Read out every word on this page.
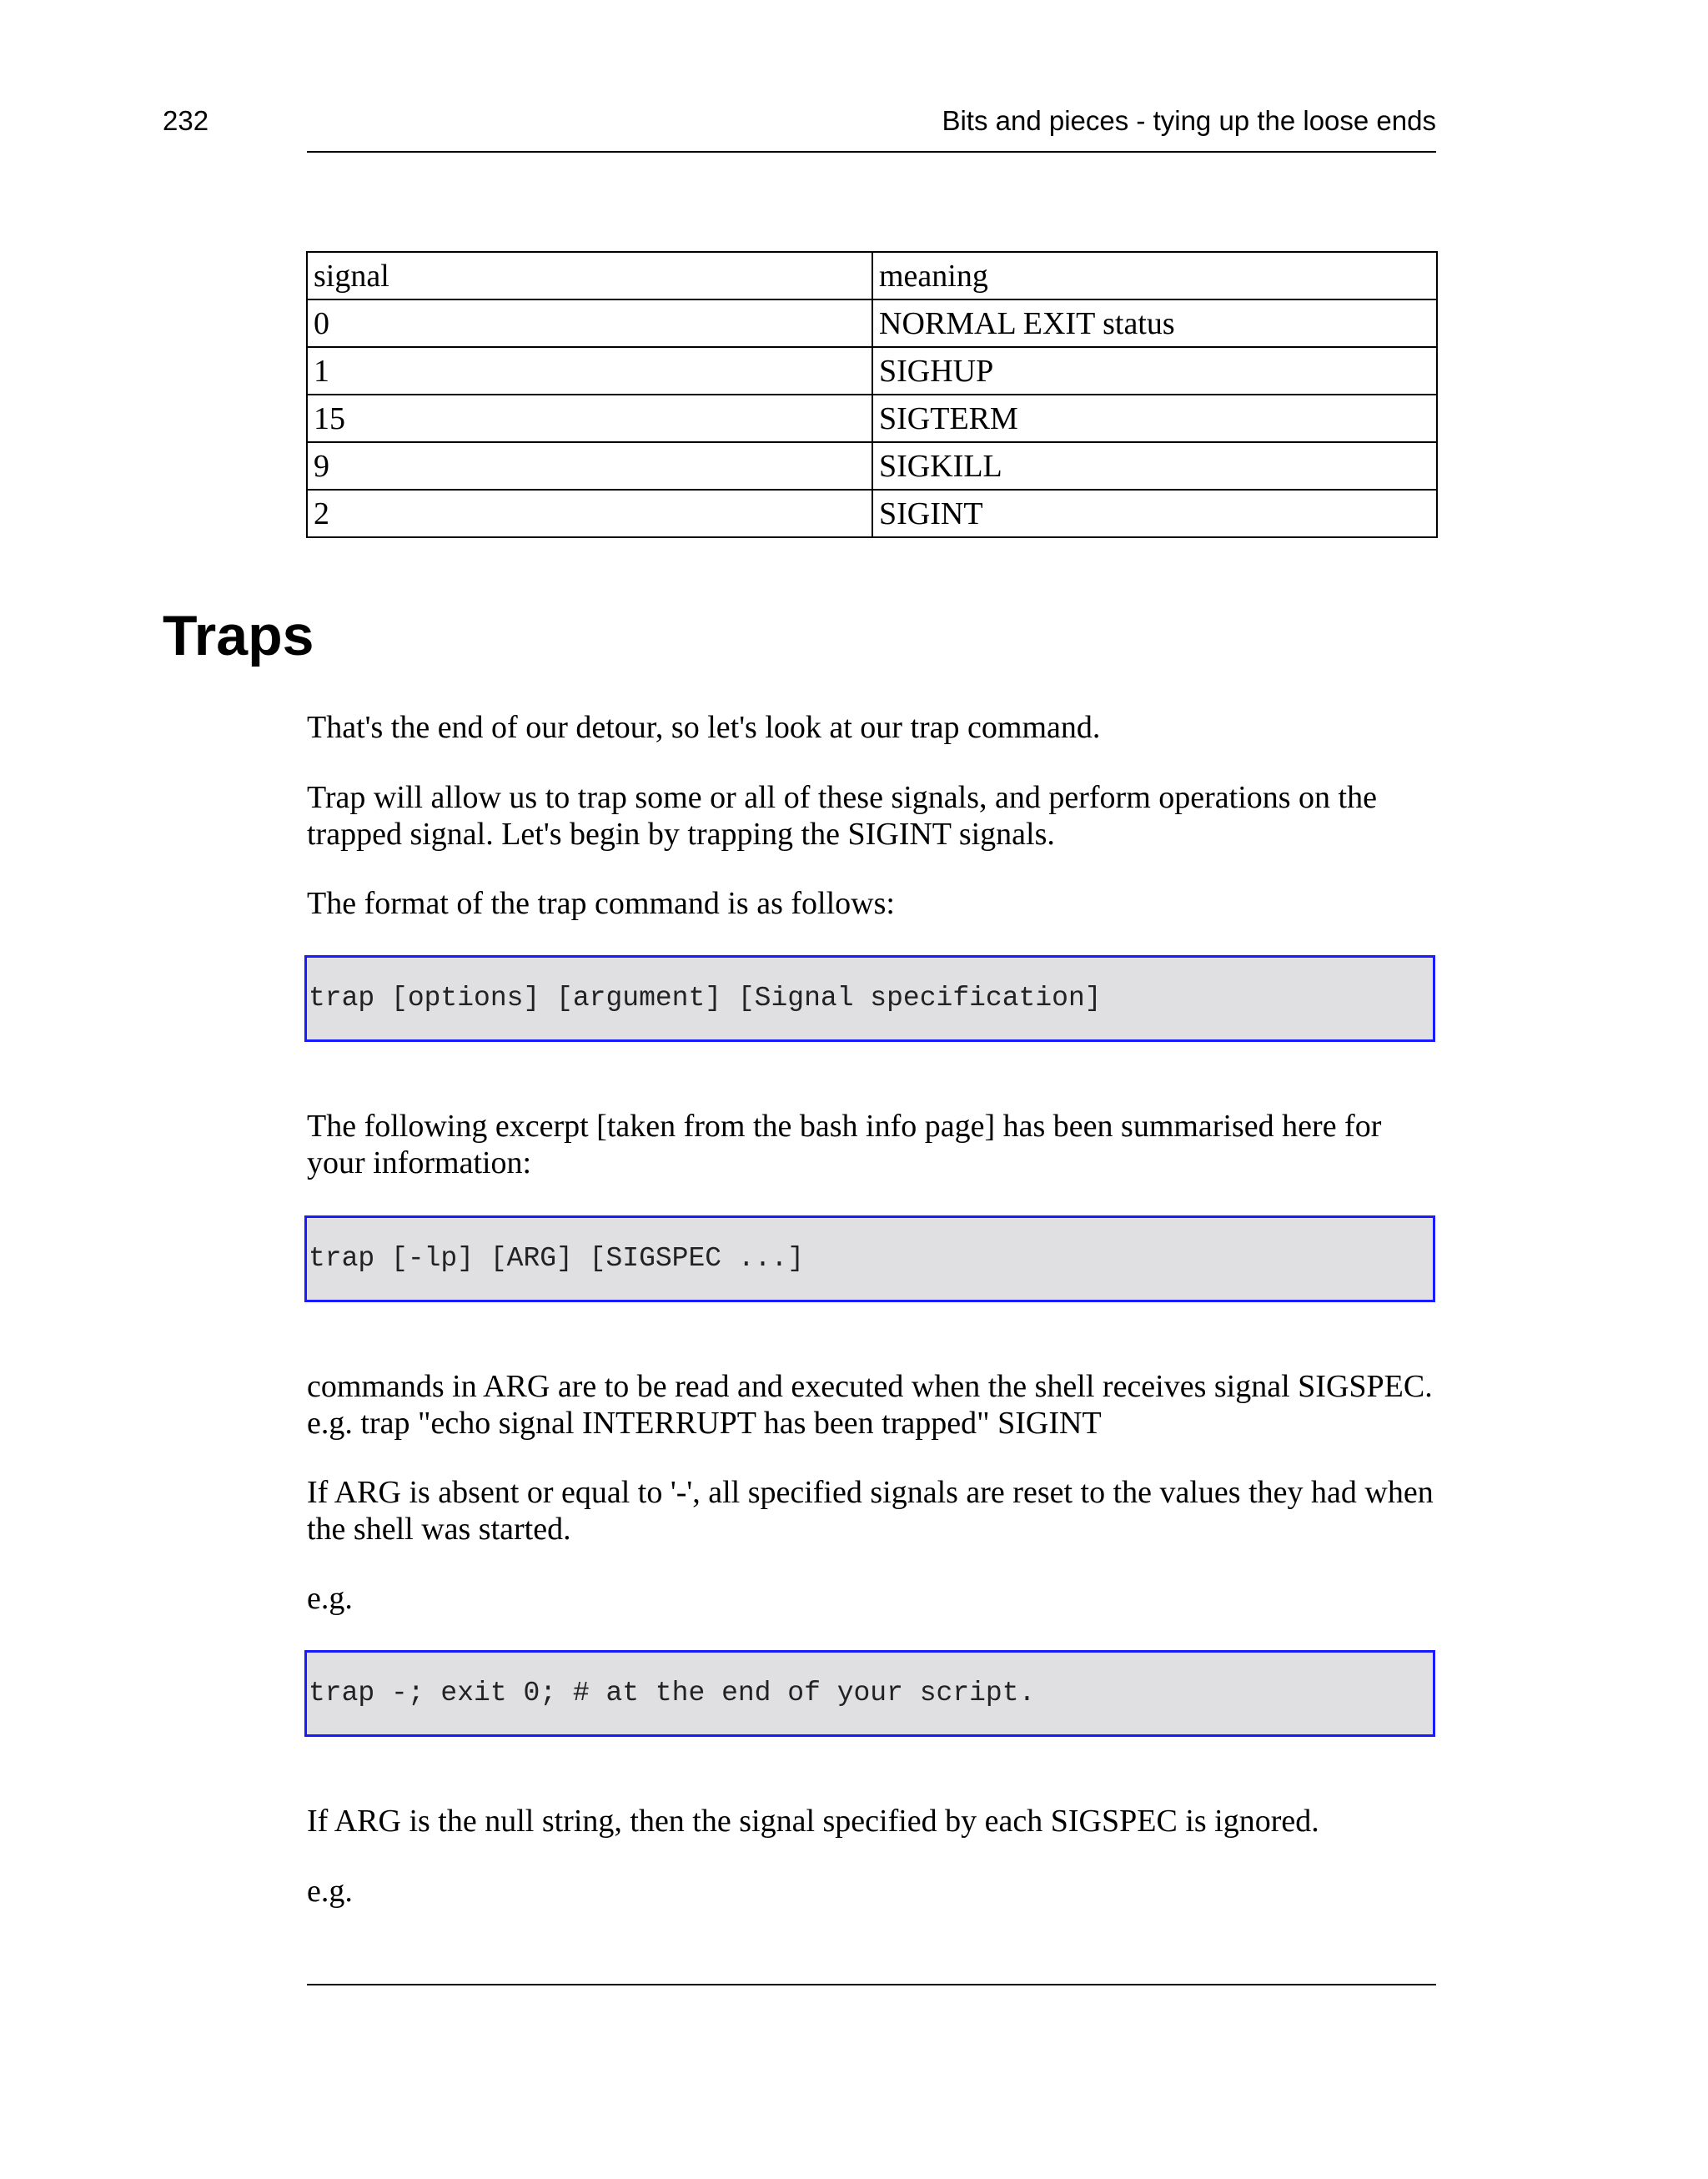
232	Bits and pieces - tying up the loose ends
signal	meaning
0	NORMAL EXIT status
1	SIGHUP
15	SIGTERM
9	SIGKILL
2	SIGINT
Traps

That's the end of our detour, so let's look at our trap command.

Trap will allow us to trap some or all of these signals, and perform operations on the trapped signal. Let's begin by trapping the SIGINT signals.

The format of the trap command is as follows:

trap [options] [argument] [Signal specification]

The following excerpt [taken from the bash info page] has been summarised here for your information:

trap [-lp] [ARG] [SIGSPEC ...]

commands in ARG are to be read and executed when the shell receives signal SIGSPEC. e.g. trap "echo signal INTERRUPT has been trapped" SIGINT

If ARG is absent or equal to '-', all specified signals are reset to the values they had when the shell was started.

e.g.

trap -; exit 0; # at the end of your script.

If ARG is the null string, then the signal specified by each SIGSPEC is ignored.

e.g.
